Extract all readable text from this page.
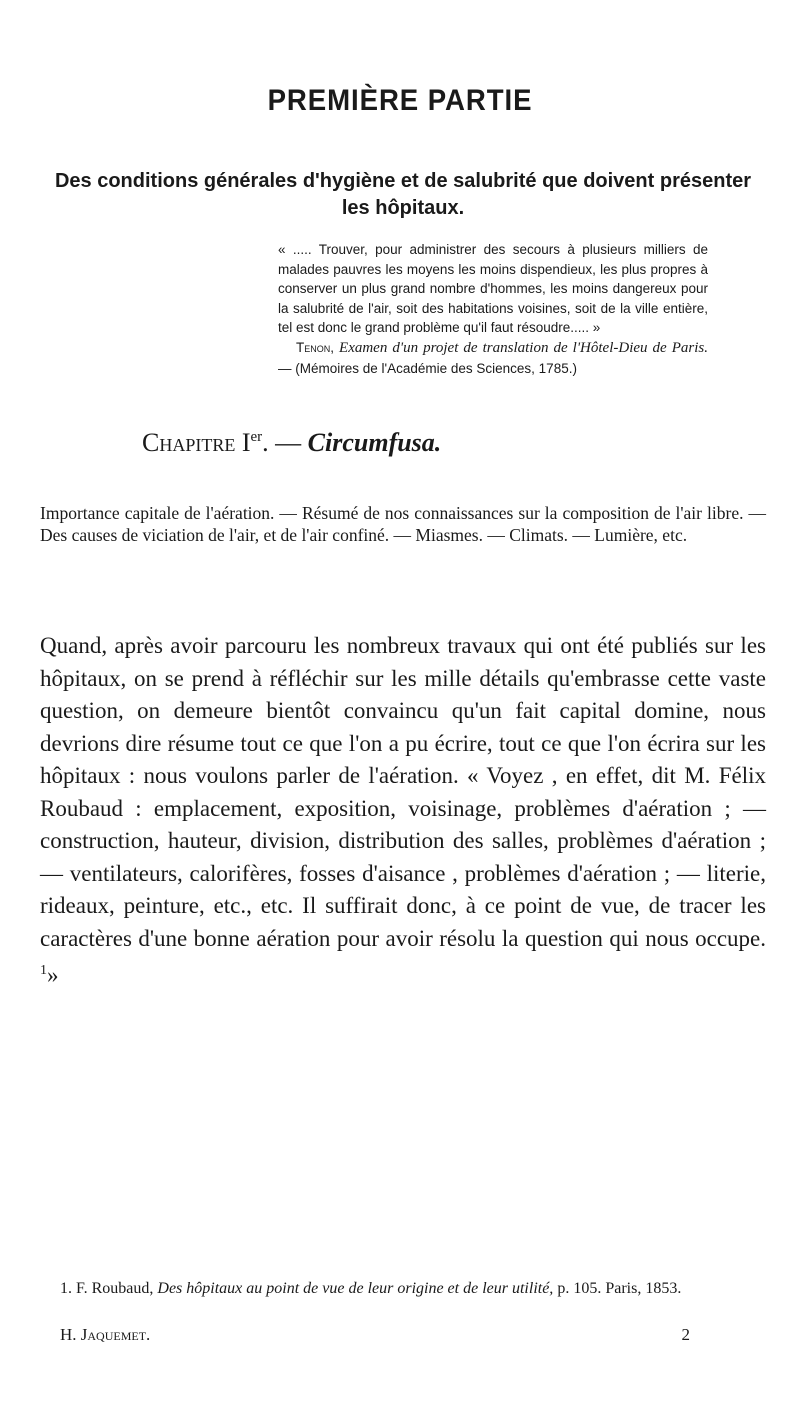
PREMIÈRE PARTIE
Des conditions générales d'hygiène et de salubrité que doivent présenter les hôpitaux.

« ..... Trouver, pour administrer des secours à plusieurs milliers de malades pauvres les moyens les moins dispendieux, les plus propres à conserver un plus grand nombre d'hommes, les moins dangereux pour la salubrité de l'air, soit des habitations voisines, soit de la ville entière, tel est donc le grand problème qu'il faut résoudre..... »

Tenon, Examen d'un projet de translation de l'Hôtel-Dieu de Paris.— (Mémoires de l'Académie des Sciences, 1785.)

Chapitre Ier. — Circumfusa.

Importance capitale de l'aération. — Résumé de nos connaissances sur la composition de l'air libre. — Des causes de viciation de l'air, et de l'air confiné. — Miasmes. — Climats. — Lumière, etc.

Quand, après avoir parcouru les nombreux travaux qui ont été publiés sur les hôpitaux, on se prend à réfléchir sur les mille détails qu'embrasse cette vaste question, on demeure bientôt convaincu qu'un fait capital domine, nous devrions dire résume tout ce que l'on a pu écrire, tout ce que l'on écrira sur les hôpitaux : nous voulons parler de l'aération. « Voyez , en effet, dit M. Félix Roubaud : emplacement, exposition, voisinage, problèmes d'aération ; — construction, hauteur, division, distribution des salles, problèmes d'aération ; — ventilateurs, calorifères, fosses d'aisance , problèmes d'aération ; — literie, rideaux, peinture, etc., etc. Il suffirait donc, à ce point de vue, de tracer les caractères d'une bonne aération pour avoir résolu la question qui nous occupe. $^1$»

1. F. Roubaud, Des hôpitaux au point de vue de leur origine et de leur utilité, p. 105. Paris, 1853.

H. Jaquemet.	2
